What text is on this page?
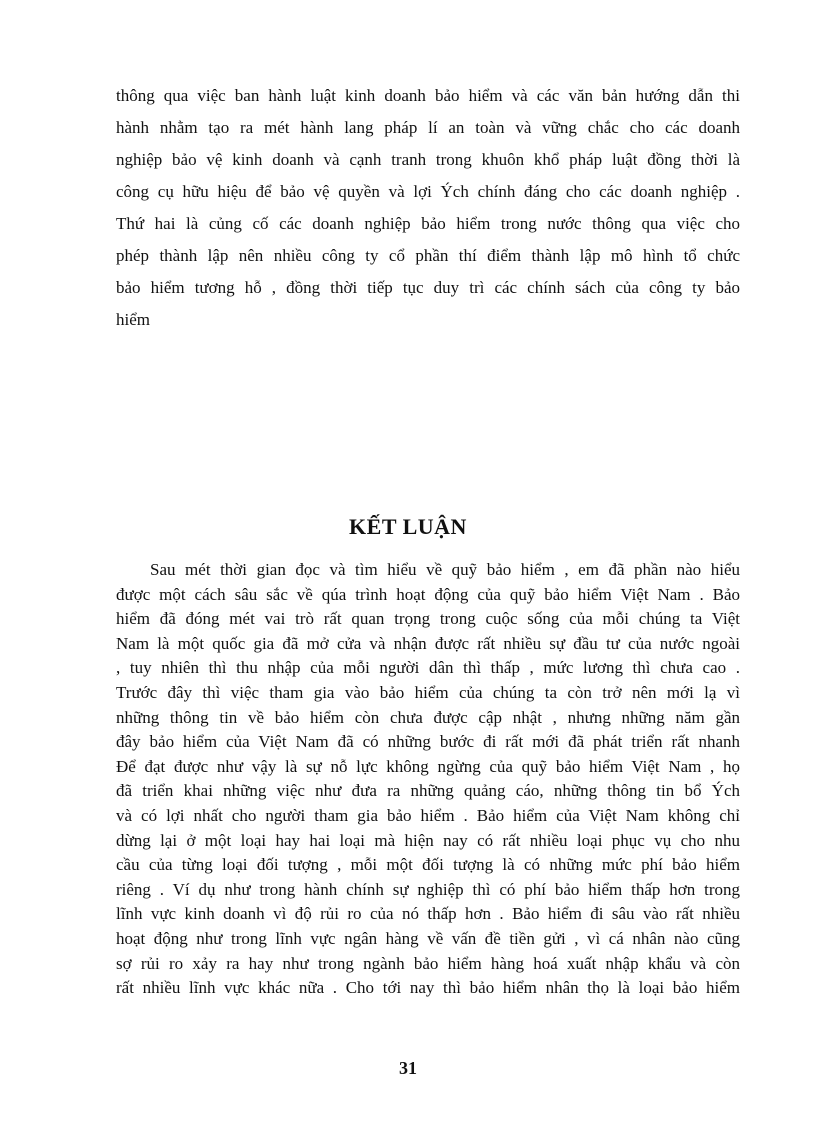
thông qua việc ban hành luật kinh doanh bảo hiểm và các văn bản hướng dẫn thi
hành nhằm tạo ra mét hành lang pháp lí an toàn và vững chắc cho các doanh
nghiệp bảo vệ kinh doanh và cạnh tranh trong khuôn khổ pháp luật đồng thời là
công cụ hữu hiệu để bảo vệ quyền và lợi Ých chính đáng cho các doanh nghiệp .
Thứ hai là củng cố các doanh nghiệp bảo hiểm trong nước thông qua việc cho
phép thành lập nên nhiều công ty cổ phần thí điểm thành lập mô hình tổ chức
bảo hiểm tương hỗ , đồng thời tiếp tục duy trì các chính sách của công ty bảo
hiểm
KẾT LUẬN
Sau mét thời gian đọc và tìm hiểu về quỹ bảo hiểm , em đã phần nào hiểu
được một cách sâu sắc về qúa trình hoạt động của quỹ bảo hiểm Việt Nam . Bảo
hiểm đã đóng mét vai trò rất quan trọng trong cuộc sống của mỗi chúng ta Việt
Nam là một quốc gia đã mở cửa và nhận được rất nhiều sự đầu tư của nước ngoài
, tuy nhiên thì thu nhập của mỗi người dân thì thấp , mức lương thì chưa cao .
Trước đây thì việc tham gia vào bảo hiểm của chúng ta còn trở nên mới lạ vì
những thông tin về bảo hiểm còn chưa được cập nhật , nhưng những năm gần
đây bảo hiểm của Việt Nam đã có những bước đi rất mới đã phát triển rất nhanh
Để đạt được như vậy là sự nỗ lực không ngừng của quỹ bảo hiểm Việt Nam , họ
đã triển khai những việc như đưa ra những quảng cáo, những thông tin bổ Ých
và có lợi nhất cho người tham gia bảo hiểm . Bảo hiểm của Việt Nam không chỉ
dừng lại ở một loại hay hai loại mà hiện nay có rất nhiều loại phục vụ cho nhu
cầu của từng loại đối tượng , mỗi một đối tượng là có những mức phí bảo hiểm
riêng . Ví dụ như trong hành chính sự nghiệp thì có phí bảo hiểm thấp hơn trong
lĩnh vực kinh doanh vì độ rủi ro của nó thấp hơn . Bảo hiểm đi sâu vào rất nhiều
hoạt động như trong lĩnh vực ngân hàng về vấn đề tiền gửi , vì cá nhân nào cũng
sợ rủi ro xảy ra hay như trong ngành bảo hiểm hàng hoá xuất nhập khẩu và còn
rất nhiều lĩnh vực khác nữa . Cho tới nay thì bảo hiểm nhân thọ là loại bảo hiểm
31
